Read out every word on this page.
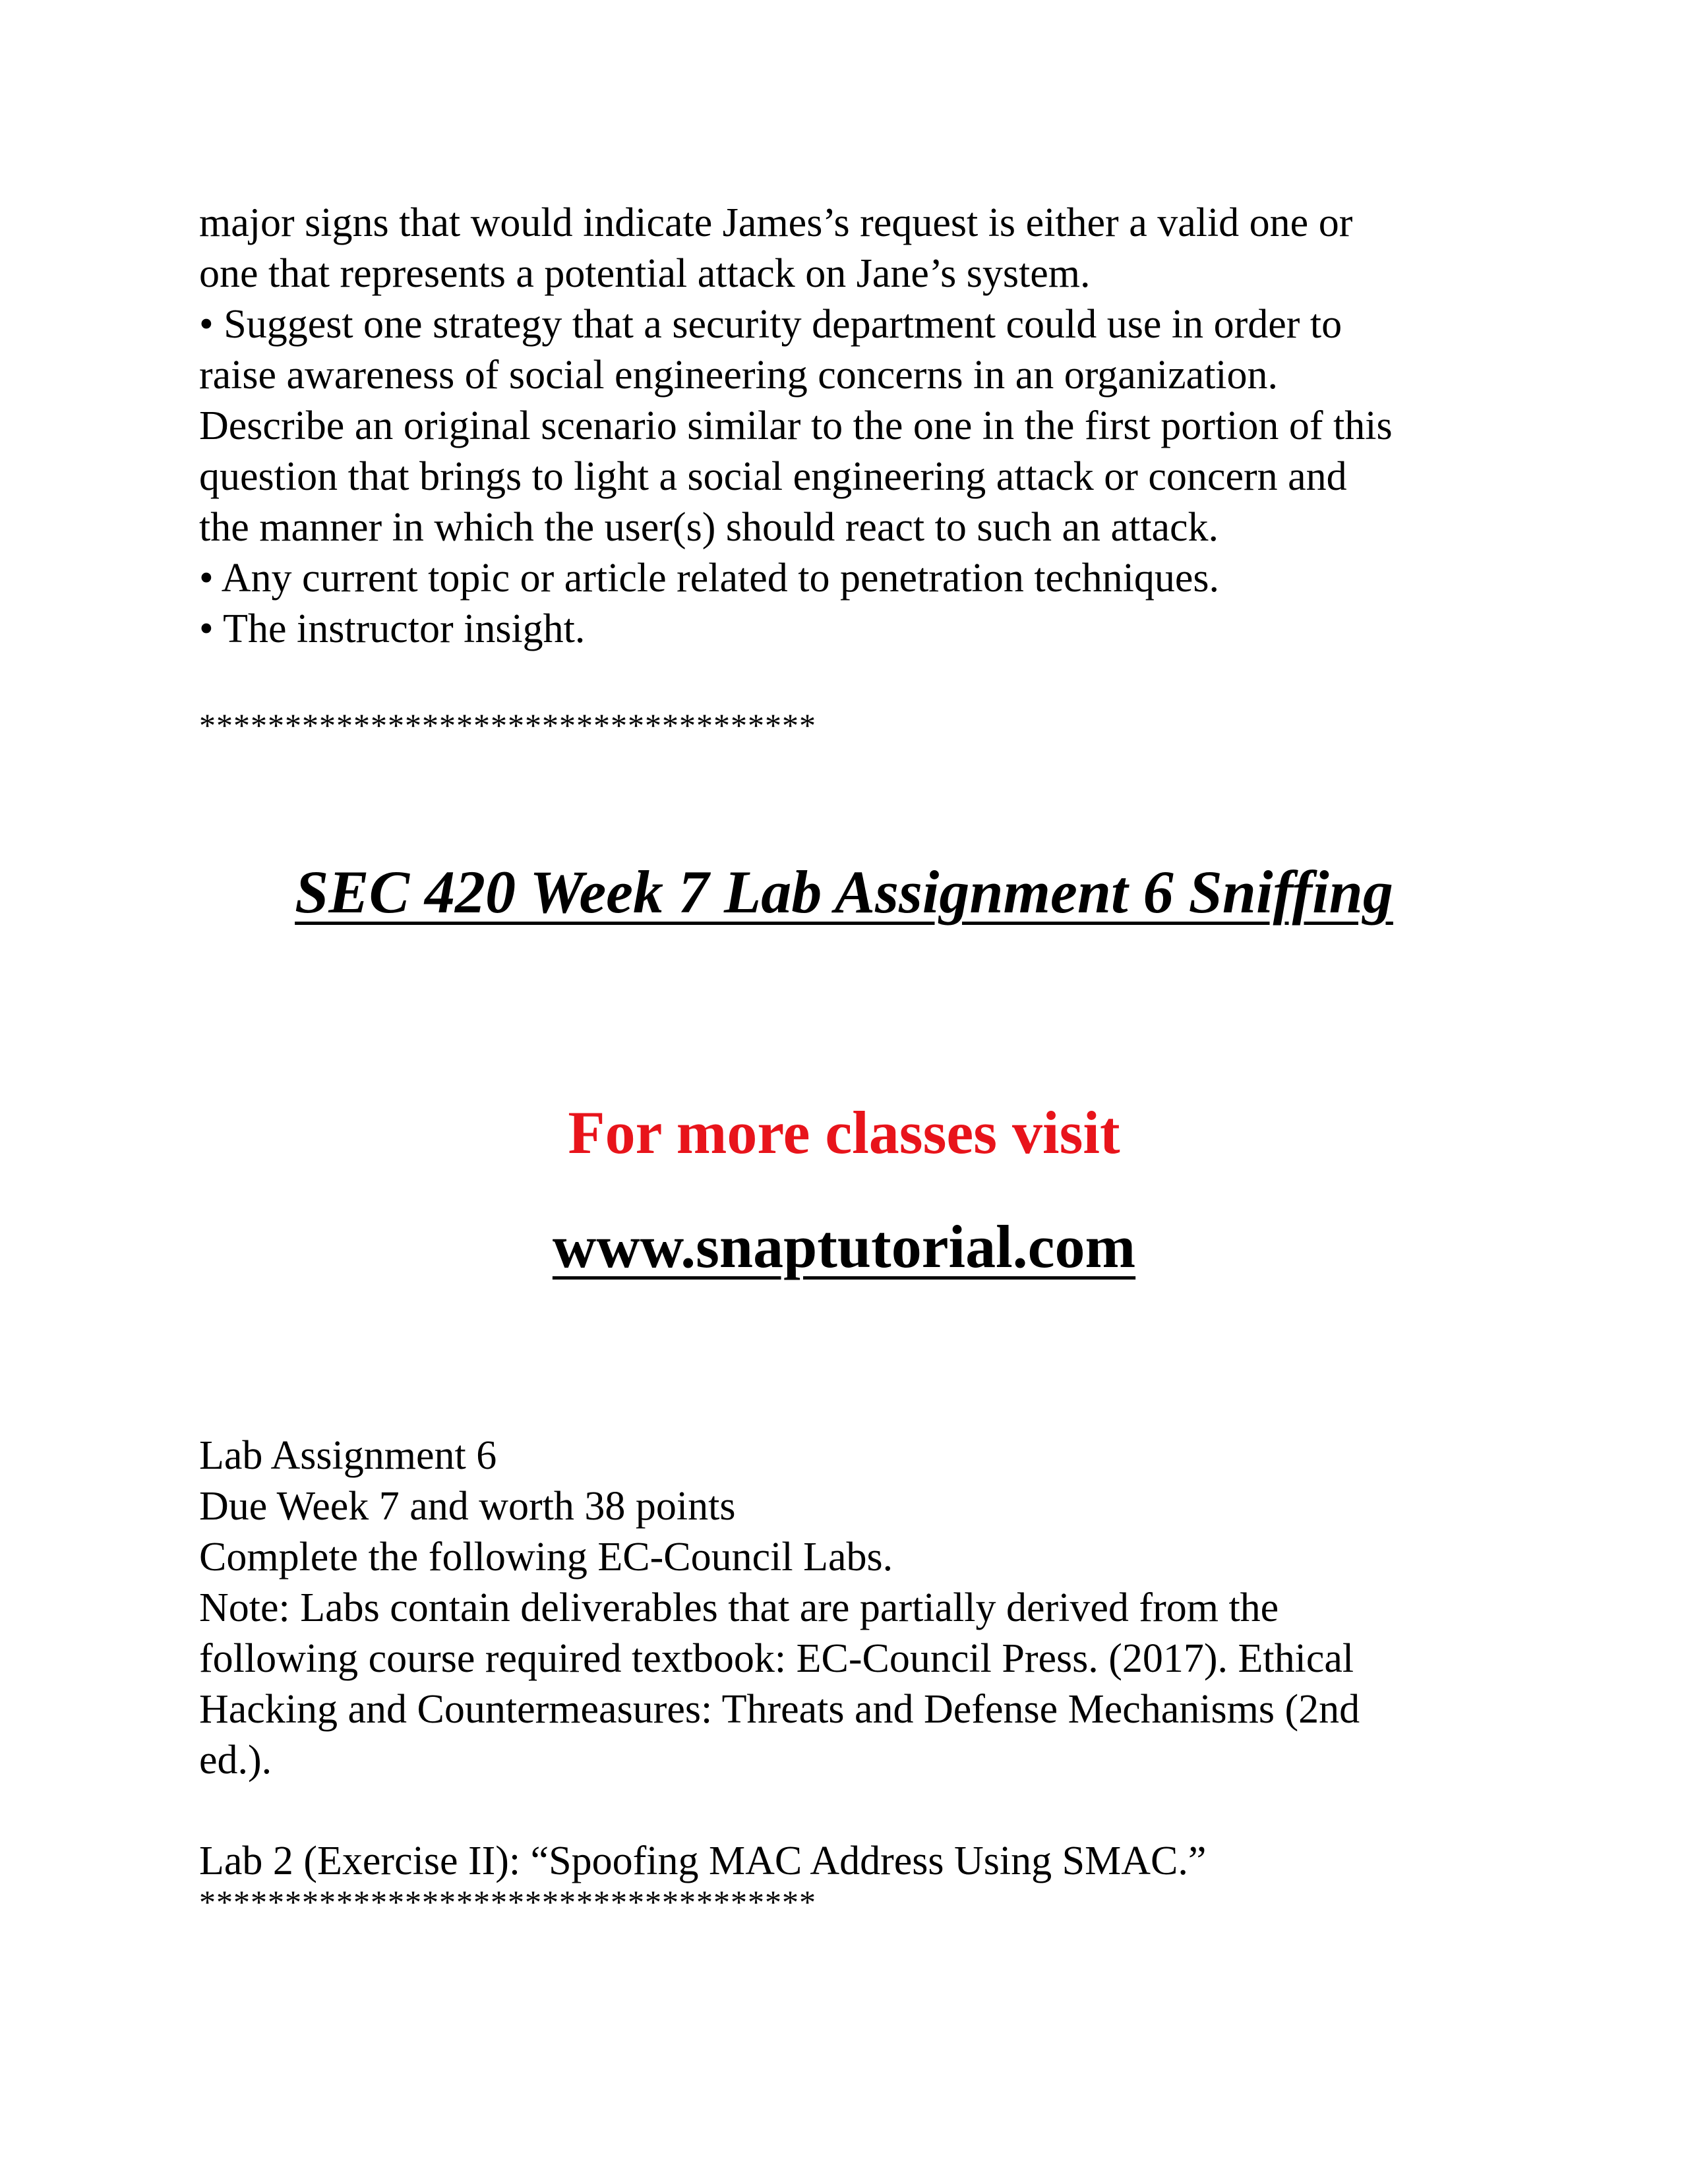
major signs that would indicate James’s request is either a valid one or
one that represents a potential attack on Jane’s system.
• Suggest one strategy that a security department could use in order to
raise awareness of social engineering concerns in an organization.
Describe an original scenario similar to the one in the first portion of this
question that brings to light a social engineering attack or concern and
the manner in which the user(s) should react to such an attack.
• Any current topic or article related to penetration techniques.
• The instructor insight.
************************************
SEC 420 Week 7 Lab Assignment 6 Sniffing
For more classes visit
www.snaptutorial.com
Lab Assignment 6
Due Week 7 and worth 38 points
Complete the following EC-Council Labs.
Note: Labs contain deliverables that are partially derived from the
following course required textbook: EC-Council Press. (2017). Ethical
Hacking and Countermeasures: Threats and Defense Mechanisms (2nd
ed.).
Lab 2 (Exercise II): “Spoofing MAC Address Using SMAC.”
************************************
